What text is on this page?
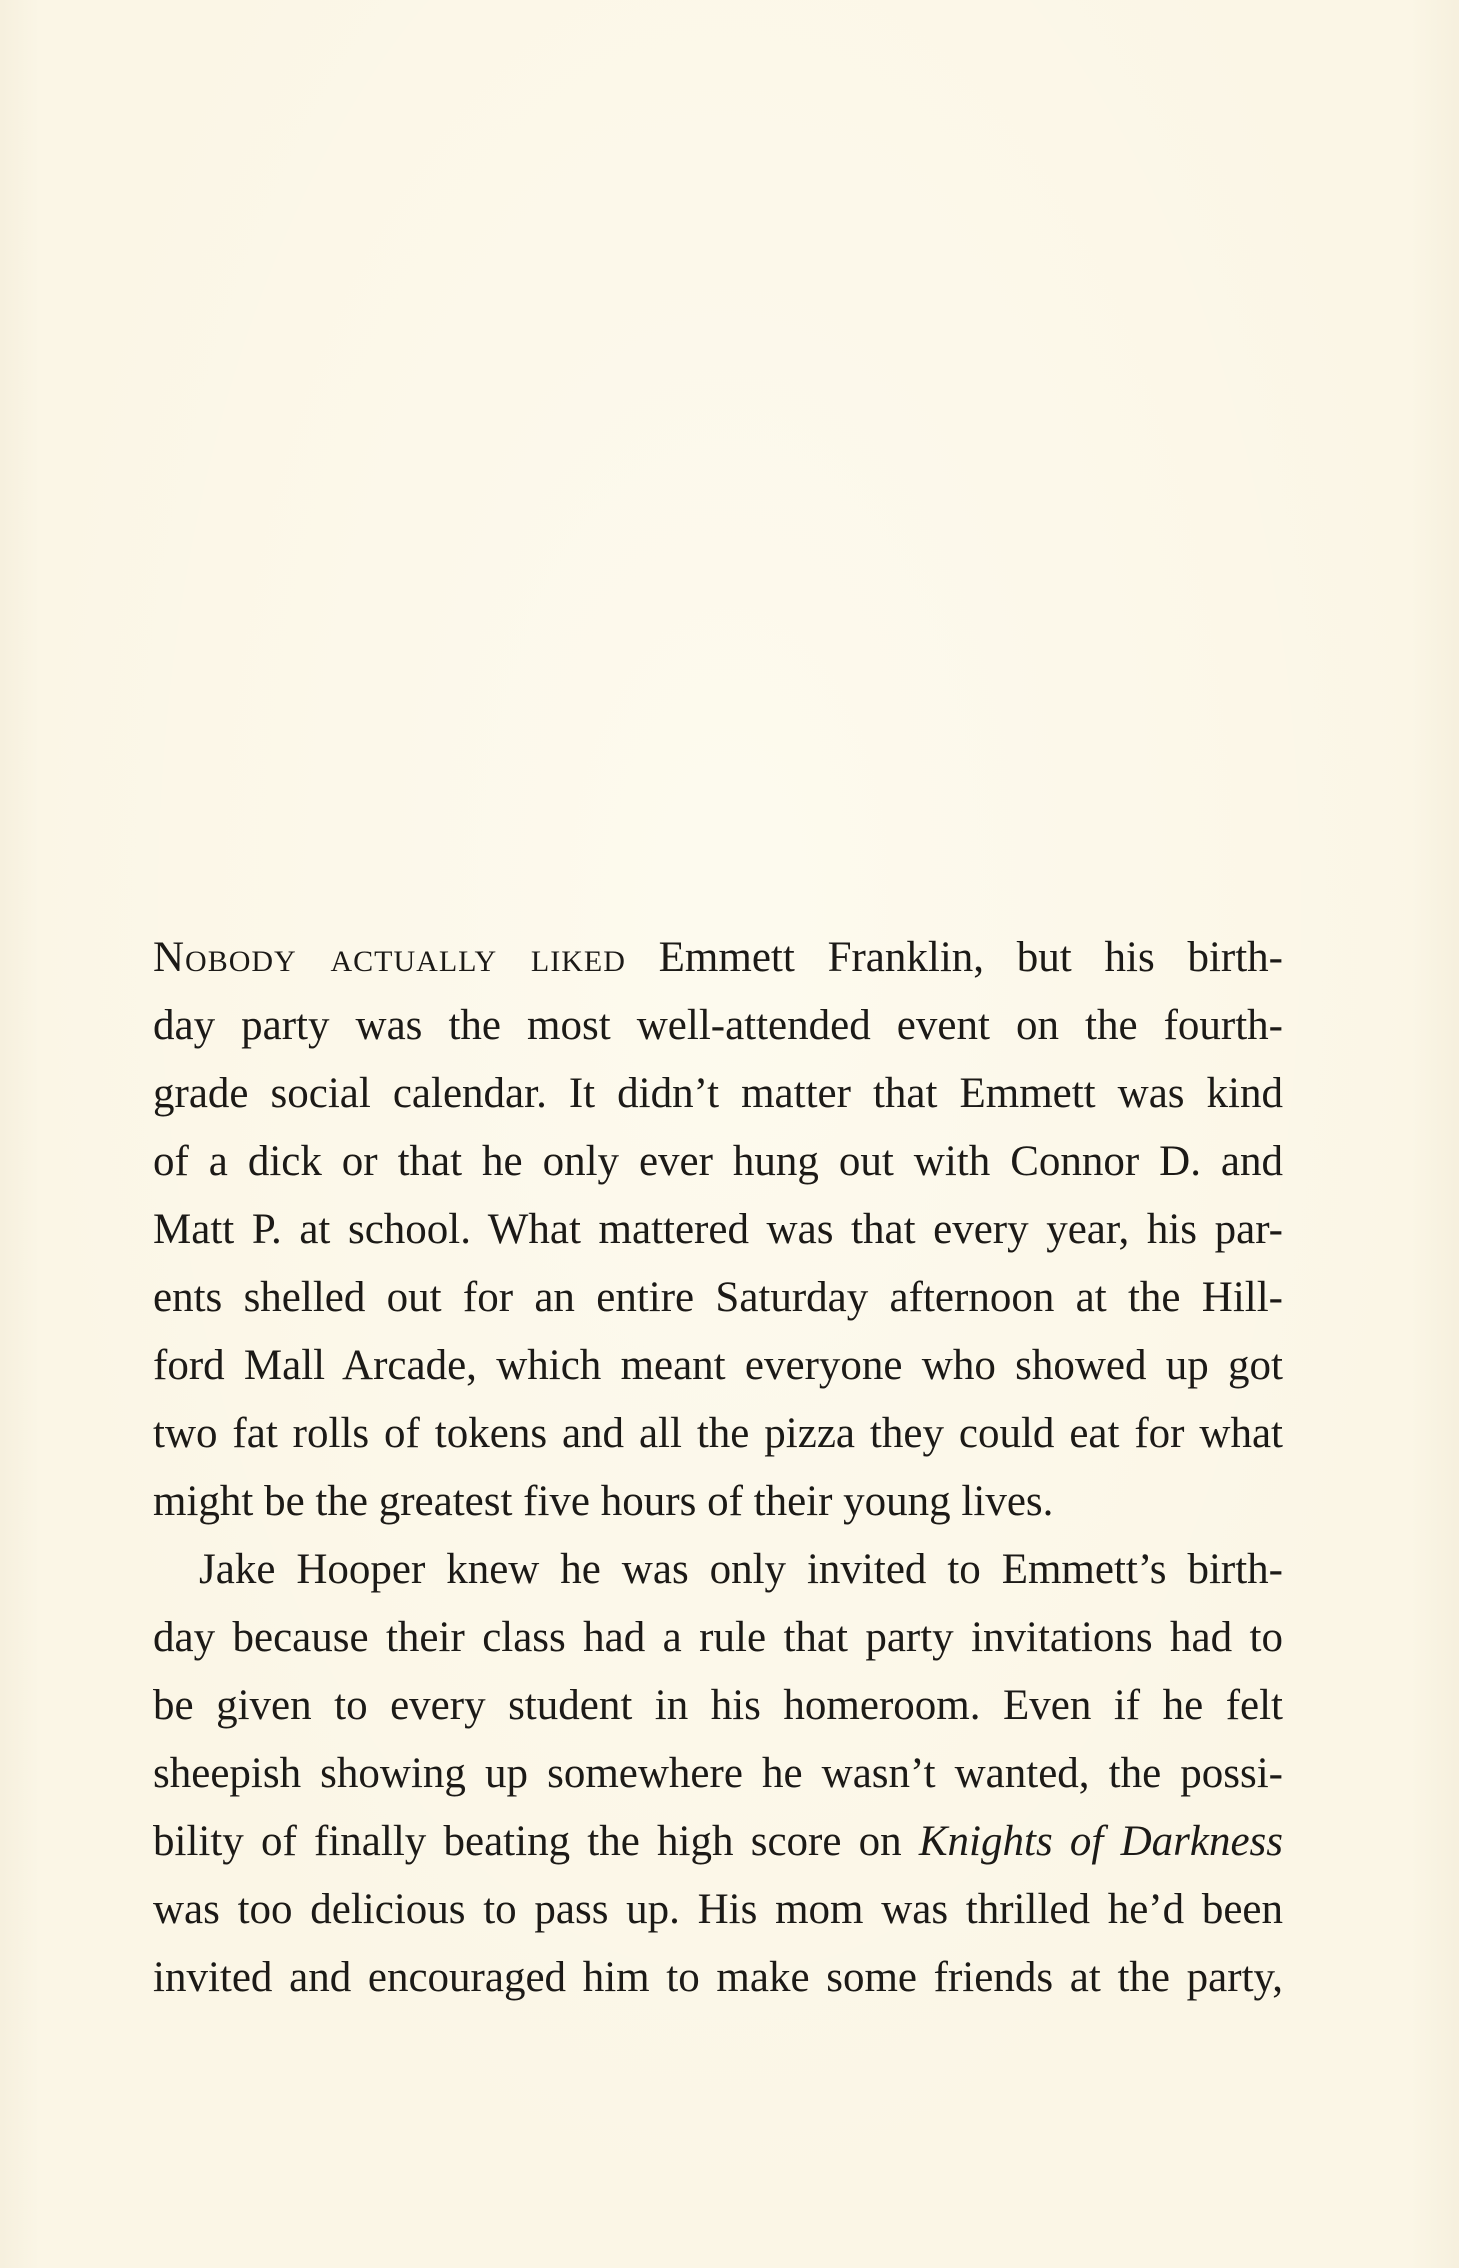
Nobody actually liked Emmett Franklin, but his birth-
day party was the most well-attended event on the fourth-
grade social calendar. It didn’t matter that Emmett was kind
of a dick or that he only ever hung out with Connor D. and
Matt P. at school. What mattered was that every year, his par-
ents shelled out for an entire Saturday afternoon at the Hill-
ford Mall Arcade, which meant everyone who showed up got
two fat rolls of tokens and all the pizza they could eat for what
might be the greatest five hours of their young lives.
Jake Hooper knew he was only invited to Emmett’s birth-
day because their class had a rule that party invitations had to
be given to every student in his homeroom. Even if he felt
sheepish showing up somewhere he wasn’t wanted, the possi-
bility of finally beating the high score on Knights of Darkness
was too delicious to pass up. His mom was thrilled he’d been
invited and encouraged him to make some friends at the party,
